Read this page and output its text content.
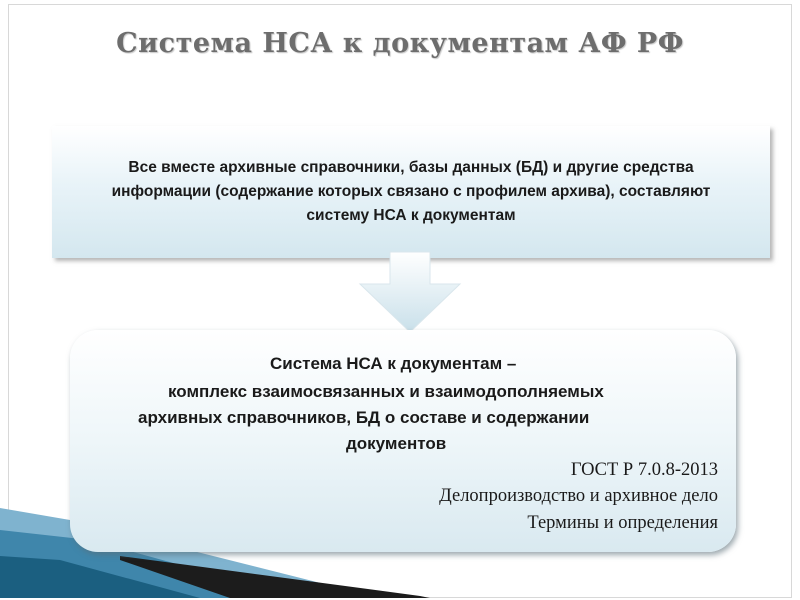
Система НСА к документам АФ РФ
Все вместе архивные справочники, базы данных (БД) и другие средства
информации (содержание которых связано с профилем архива), составляют
систему НСА к документам
Система НСА к документам –
комплекс взаимосвязанных и взаимодополняемых
архивных справочников, БД о составе и содержании
документов
ГОСТ Р 7.0.8-2013
Делопроизводство и архивное дело
Термины и определения
